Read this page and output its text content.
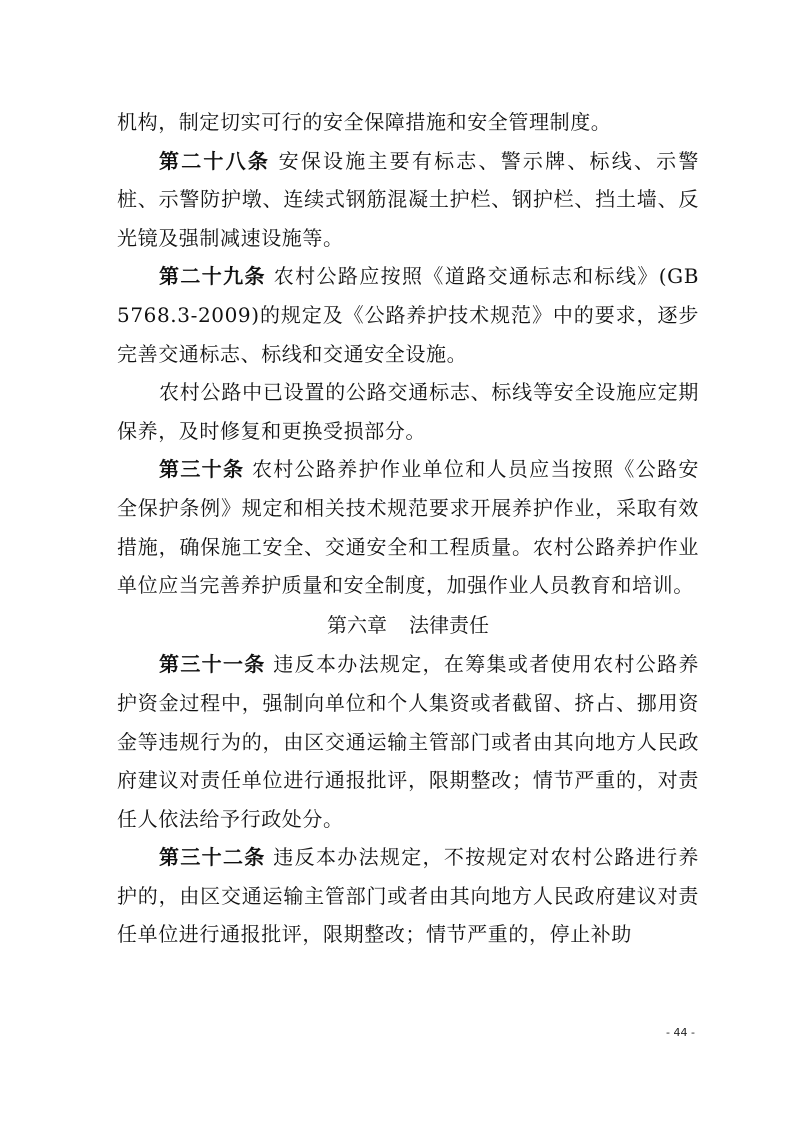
机构，制定切实可行的安全保障措施和安全管理制度。

第二十八条 安保设施主要有标志、警示牌、标线、示警桩、示警防护墩、连续式钢筋混凝土护栏、钢护栏、挡土墙、反光镜及强制减速设施等。

第二十九条 农村公路应按照《道路交通标志和标线》(GB 5768.3-2009)的规定及《公路养护技术规范》中的要求，逐步完善交通标志、标线和交通安全设施。

农村公路中已设置的公路交通标志、标线等安全设施应定期保养，及时修复和更换受损部分。

第三十条 农村公路养护作业单位和人员应当按照《公路安全保护条例》规定和相关技术规范要求开展养护作业，采取有效措施，确保施工安全、交通安全和工程质量。农村公路养护作业单位应当完善养护质量和安全制度，加强作业人员教育和培训。

第六章 法律责任

第三十一条 违反本办法规定，在筹集或者使用农村公路养护资金过程中，强制向单位和个人集资或者截留、挤占、挪用资金等违规行为的，由区交通运输主管部门或者由其向地方人民政府建议对责任单位进行通报批评，限期整改；情节严重的，对责任人依法给予行政处分。

第三十二条 违反本办法规定，不按规定对农村公路进行养护的，由区交通运输主管部门或者由其向地方人民政府建议对责任单位进行通报批评，限期整改；情节严重的，停止补助

- 44 -
